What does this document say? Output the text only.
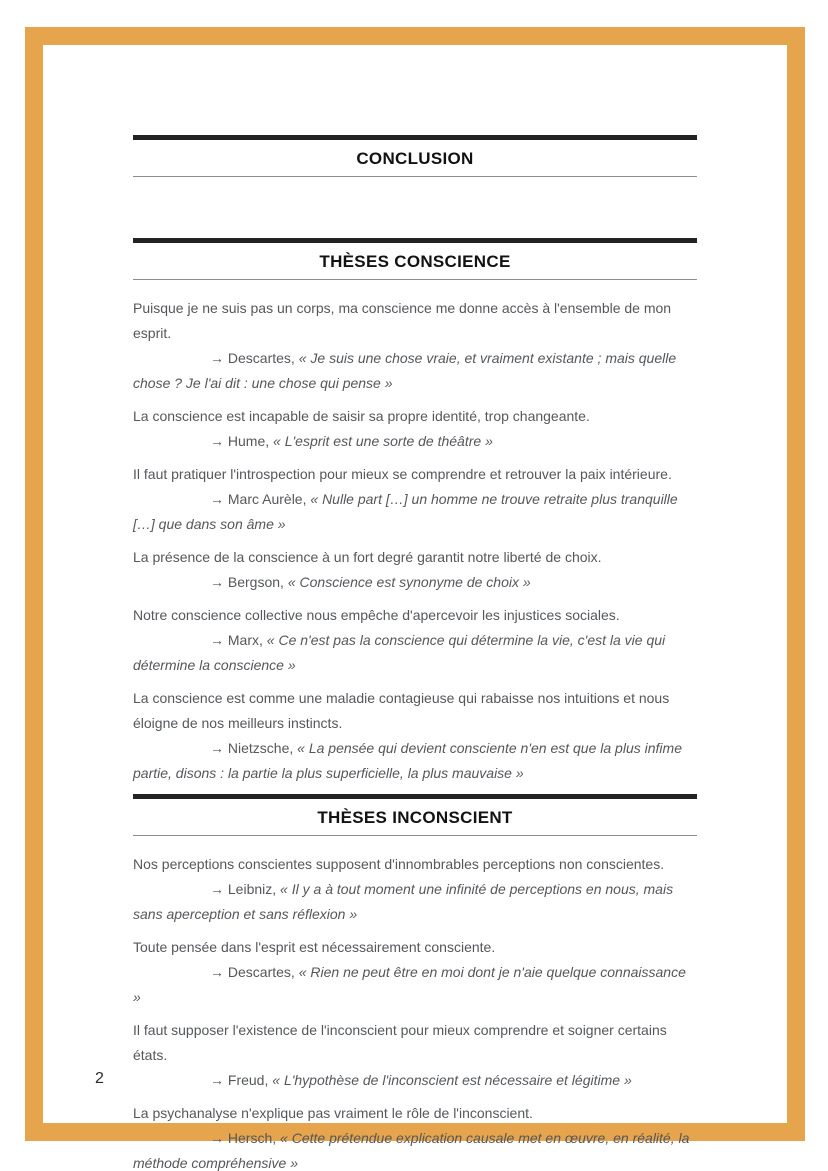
CONCLUSION
THÈSES CONSCIENCE

Puisque je ne suis pas un corps, ma conscience me donne accès à l'ensemble de mon esprit.

→ Descartes, « Je suis une chose vraie, et vraiment existante ; mais quelle chose ? Je l'ai dit : une chose qui pense »

La conscience est incapable de saisir sa propre identité, trop changeante.

→ Hume, « L'esprit est une sorte de théâtre »

Il faut pratiquer l'introspection pour mieux se comprendre et retrouver la paix intérieure.

→ Marc Aurèle, « Nulle part […] un homme ne trouve retraite plus tranquille […] que dans son âme »

La présence de la conscience à un fort degré garantit notre liberté de choix.

→ Bergson, « Conscience est synonyme de choix »

Notre conscience collective nous empêche d'apercevoir les injustices sociales.

→ Marx, « Ce n'est pas la conscience qui détermine la vie, c'est la vie qui détermine la conscience »

La conscience est comme une maladie contagieuse qui rabaisse nos intuitions et nous éloigne de nos meilleurs instincts.

→ Nietzsche, « La pensée qui devient consciente n'en est que la plus infime partie, disons : la partie la plus superficielle, la plus mauvaise »

THÈSES INCONSCIENT

Nos perceptions conscientes supposent d'innombrables perceptions non conscientes.

→ Leibniz, « Il y a à tout moment une infinité de perceptions en nous, mais sans aperception et sans réflexion »

Toute pensée dans l'esprit est nécessairement consciente.

→ Descartes, « Rien ne peut être en moi dont je n'aie quelque connaissance »

Il faut supposer l'existence de l'inconscient pour mieux comprendre et soigner certains états.

→ Freud, « L'hypothèse de l'inconscient est nécessaire et légitime »

La psychanalyse n'explique pas vraiment le rôle de l'inconscient.

→ Hersch, « Cette prétendue explication causale met en œuvre, en réalité, la méthode compréhensive »

2
